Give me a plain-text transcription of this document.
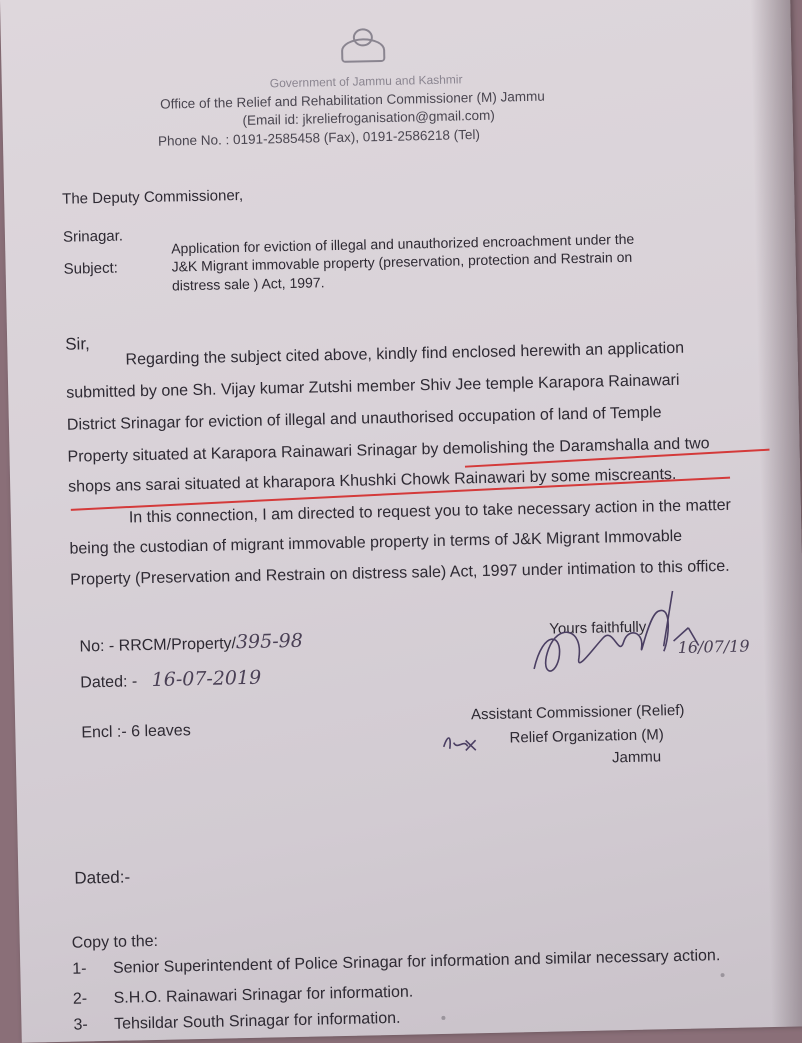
Government of Jammu and Kashmir
Office of the Relief and Rehabilitation Commissioner (M) Jammu
(Email id: jkreliefroganisation@gmail.com)
Phone No. : 0191-2585458 (Fax), 0191-2586218 (Tel)
The Deputy Commissioner,
Srinagar.
Subject:
Application for eviction of illegal and unauthorized encroachment under the
J&K Migrant immovable property (preservation, protection and Restrain on
distress sale ) Act, 1997.
Sir, Regarding the subject cited above, kindly find enclosed herewith an application
submitted by one Sh. Vijay kumar Zutshi member Shiv Jee temple Karapora Rainawari
District Srinagar for eviction of illegal and unauthorised occupation of land of Temple
Property situated at Karapora Rainawari Srinagar by demolishing the Daramshalla and two
shops ans sarai situated at kharapora Khushki Chowk Rainawari by some miscreants.
In this connection, I am directed to request you to take necessary action in the matter
being the custodian of migrant immovable property in terms of J&K Migrant Immovable
Property (Preservation and Restrain on distress sale) Act, 1997 under intimation to this office.
No: - RRCM/Property/395-98
Dated: - 16-07-2019
Encl :- 6 leaves
Yours faithfully
16/07/19
Assistant Commissioner (Relief)
Relief Organization (M)
Jammu
Dated:-
Copy to the:
1- Senior Superintendent of Police Srinagar for information and similar necessary action.
2- S.H.O. Rainawari Srinagar for information.
3- Tehsildar South Srinagar for information.
